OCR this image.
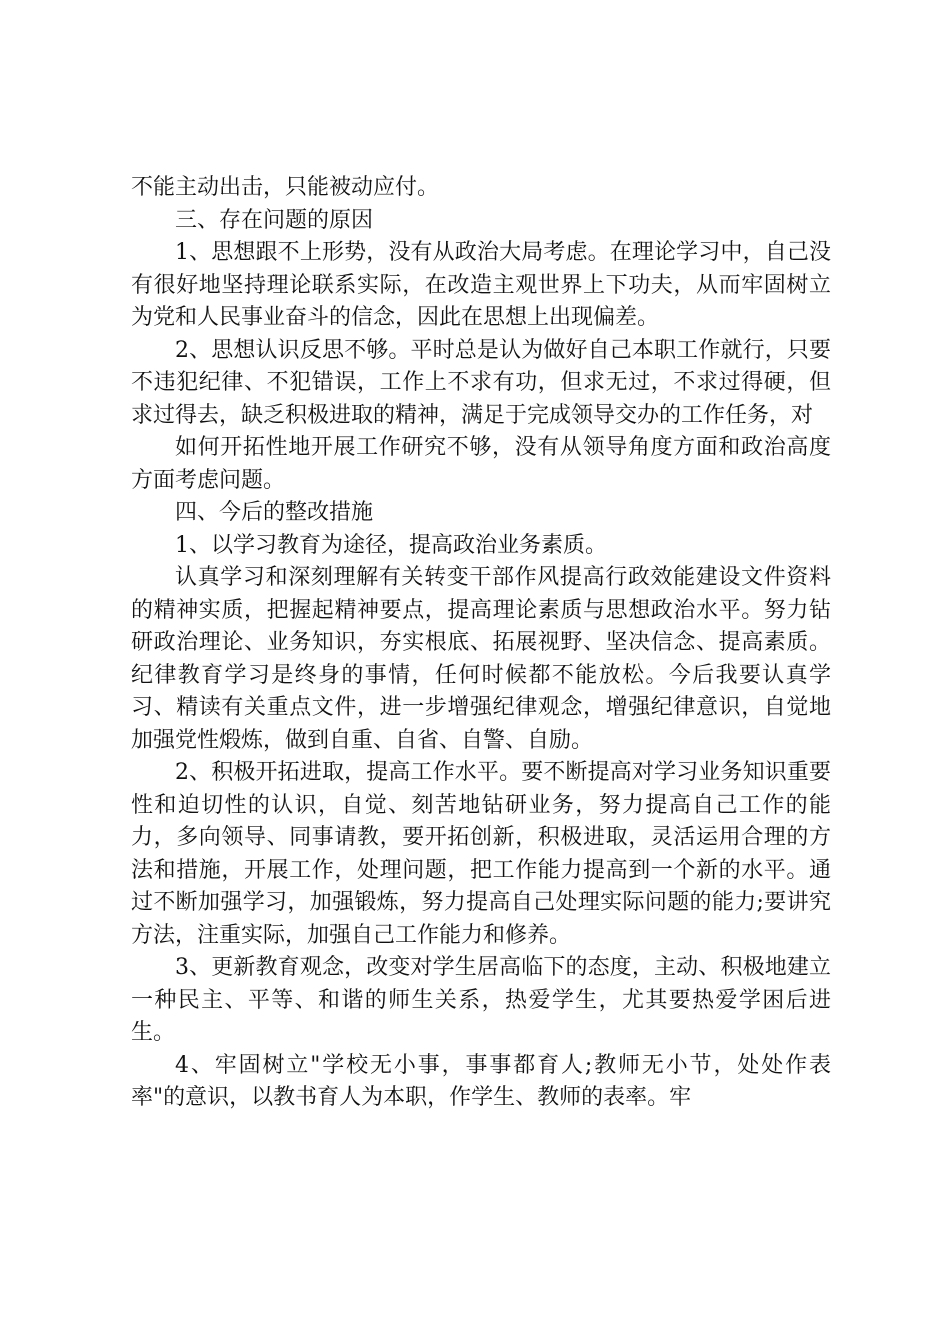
不能主动出击，只能被动应付。

三、存在问题的原因

1、思想跟不上形势，没有从政治大局考虑。在理论学习中，自己没有很好地坚持理论联系实际，在改造主观世界上下功夫，从而牢固树立为党和人民事业奋斗的信念，因此在思想上出现偏差。

2、思想认识反思不够。平时总是认为做好自己本职工作就行，只要不违犯纪律、不犯错误，工作上不求有功，但求无过，不求过得硬，但求过得去，缺乏积极进取的精神，满足于完成领导交办的工作任务，对

如何开拓性地开展工作研究不够，没有从领导角度方面和政治高度方面考虑问题。

四、今后的整改措施

1、以学习教育为途径，提高政治业务素质。

认真学习和深刻理解有关转变干部作风提高行政效能建设文件资料的精神实质，把握起精神要点，提高理论素质与思想政治水平。努力钻研政治理论、业务知识，夯实根底、拓展视野、坚决信念、提高素质。纪律教育学习是终身的事情，任何时候都不能放松。今后我要认真学习、精读有关重点文件，进一步增强纪律观念，增强纪律意识，自觉地加强党性煅炼，做到自重、自省、自警、自励。

2、积极开拓进取，提高工作水平。要不断提高对学习业务知识重要性和迫切性的认识，自觉、刻苦地钻研业务，努力提高自己工作的能力，多向领导、同事请教，要开拓创新，积极进取，灵活运用合理的方法和措施，开展工作，处理问题，把工作能力提高到一个新的水平。通过不断加强学习，加强锻炼，努力提高自己处理实际问题的能力;要讲究方法，注重实际，加强自己工作能力和修养。

3、更新教育观念，改变对学生居高临下的态度，主动、积极地建立一种民主、平等、和谐的师生关系，热爱学生，尤其要热爱学困后进生。

4、牢固树立"学校无小事，事事都育人;教师无小节，处处作表率"的意识，以教书育人为本职，作学生、教师的表率。牢
